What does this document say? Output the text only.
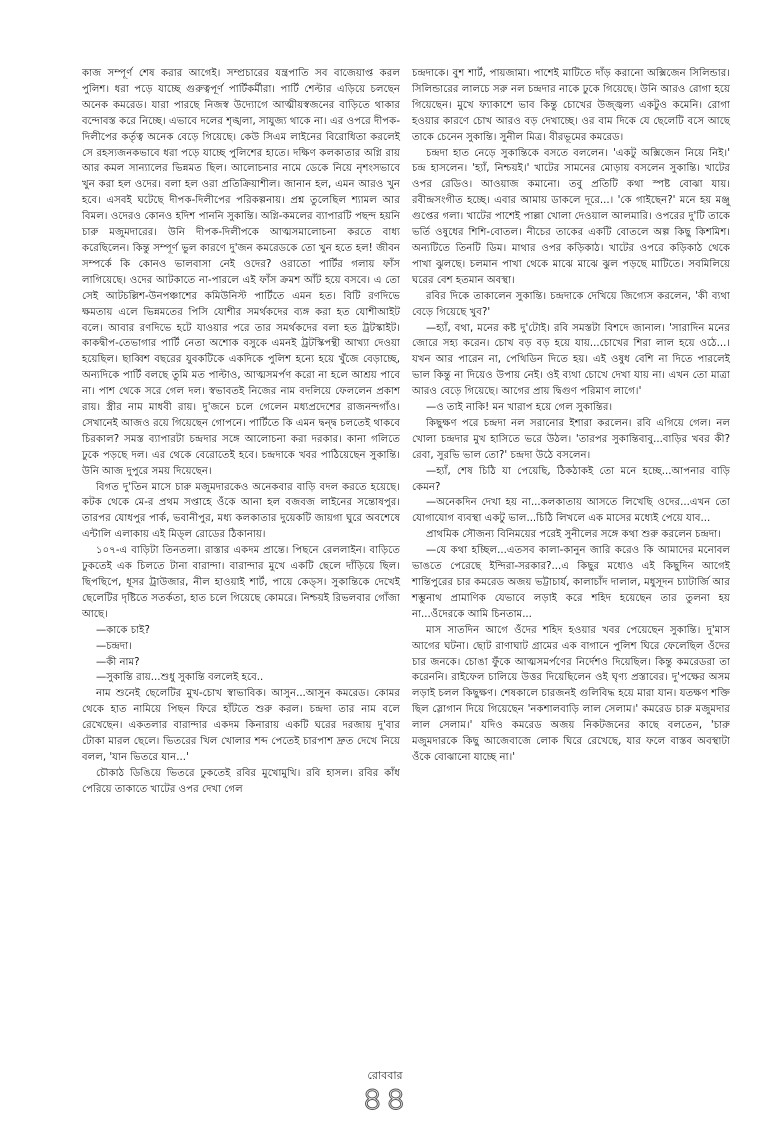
কাজ সম্পূর্ণ শেষ করার আগেই। সম্প্রচারের যন্ত্রপাতি সব বাজেয়াপ্ত করল পুলিশ। ধরা পড়ে যাচ্ছে গুরুত্বপূর্ণ পার্টিকর্মীরা। পার্টি শেল্টার এড়িয়ে চলছেন অনেক কমরেড। যারা পারছে নিজস্ব উদ্যোগে আত্মীয়স্বজনের বাড়িতে থাকার বন্দোবস্ত করে নিচ্ছে। এভাবে দলের শৃঙ্খলা, সাযুজ্য থাকে না। এর ওপরে দীপক-দিলীপের কর্তৃত্ব অনেক বেড়ে গিয়েছে। কেউ সিএম লাইনের বিরোধিতা করলেই সে রহস্যজনকভাবে ধরা পড়ে যাচ্ছে পুলিশের হাতে। দক্ষিণ কলকাতার অগ্নি রায় আর কমল সান্যালের ভিন্নমত ছিল। আলোচনার নামে ডেকে নিয়ে নৃশংসভাবে খুন করা হল ওদের। বলা হল ওরা প্রতিক্রিয়াশীল। জানান হল, এমন আরও খুন হবে। এসবই ঘটেছে দীপক-দিলীপের পরিকল্পনায়। প্রশ্ন তুলেছিল শ্যামল আর বিমল। ওদেরও কোনও হদিশ পাননি সুকান্তি। অগ্নি-কমলের ব্যাপারটি পছন্দ হয়নি চারু মজুমদারের। উনি দীপক-দিলীপকে আত্মসমালোচনা করতে বাধ্য করেছিলেন। কিন্তু সম্পূর্ণ ভুল কারণে দু'জন কমরেডকে তো খুন হতে হল! জীবন সম্পর্কে কি কোনও ভালবাসা নেই ওদের? ওরাতো পার্টির গলায় ফাঁস লাগিয়েছে। ওদের আটকাতে না-পারলে এই ফাঁস ক্রমশ আঁট হয়ে বসবে। এ তো সেই আটচল্লিশ-উনপঞ্চাশের কমিউনিস্ট পার্টিতে এমন হত। বিটি রণদিভে ক্ষমতায় এলে ভিন্নমতের পিসি যোশীর সমর্থকদের ব্যঙ্গ করা হত যোশীআইট বলে। আবার রণদিভে হটে যাওয়ার পরে তার সমর্থকদের বলা হত ট্রটস্কাইট। কাকদ্বীপ-তেভাগার পার্টি নেতা অশোক বসুকে এমনই ট্রটস্কিপন্থী আখ্যা দেওয়া হয়েছিল। ছাব্বিশ বছরের যুবকটিকে একদিকে পুলিশ হন্যে হয়ে খুঁজে বেড়াচ্ছে, অন্যদিকে পার্টি বলছে তুমি মত পাল্টাও, আত্মসমর্পণ করো না হলে আশ্রয় পাবে না। পাশ থেকে সরে গেল দল। স্বভাবতই নিজের নাম বদলিয়ে ফেললেন প্রকাশ রায়। স্ত্রীর নাম মাধবী রায়। দু'জনে চলে গেলেন মধ্যপ্রদেশের রাজনন্দগাঁও। সেখানেই আজও রয়ে গিয়েছেন গোপনে। পার্টিতে কি এমন দ্বন্দ্ব চলতেই থাকবে চিরকাল? সমস্ত ব্যাপারটা চন্দ্রদার সঙ্গে আলোচনা করা দরকার। কানা গলিতে ঢুকে পড়ছে দল। এর থেকে বেরোতেই হবে। চন্দ্রদাকে খবর পাঠিয়েছেন সুকান্তি। উনি আজ দুপুরে সময় দিয়েছেন।

বিগত দু'তিন মাসে চারু মজুমদারকেও অনেকবার বাড়ি বদল করতে হয়েছে। কটক থেকে মে-র প্রথম সপ্তাহে ওঁকে আনা হল বজবজ লাইনের সন্তোষপুর। তারপর যোধপুর পার্ক, ভবানীপুর, মধ্য কলকাতার দুয়েকটি জায়গা ঘুরে অবশেষে এন্টালি এলাকায় এই মিড্‌ল রোডের ঠিকানায়।

১০৭-এ বাড়িটা তিনতলা। রাস্তার একদম প্রান্তে। পিছনে রেললাইন। বাড়িতে ঢুকতেই এক চিলতে টানা বারান্দা। বারান্দার মুখে একটি ছেলে দাঁড়িয়ে ছিল। ছিপছিপে, ধূসর ট্রাউজার, নীল হাওয়াই শার্ট, পায়ে কেড্‌স। সুকান্তিকে দেখেই ছেলেটির দৃষ্টিতে সতর্কতা, হাত চলে গিয়েছে কোমরে। নিশ্চয়ই রিভলবার গোঁজা আছে।

—কাকে চাই?

—চন্দ্রদা।

—কী নাম?

—সুকান্তি রায়...শুধু সুকান্তি বললেই হবে..

নাম শুনেই ছেলেটির মুখ-চোখ স্বাভাবিক। আসুন...আসুন কমরেড। কোমর থেকে হাত নামিয়ে পিছন ফিরে হাঁটতে শুরু করল। চন্দ্রদা তার নাম বলে রেখেছেন। একতলার বারান্দার একদম কিনারায় একটি ঘরের দরজায় দু'বার টোকা মারল ছেলে। ভিতরের খিল খোলার শব্দ পেতেই চারপাশ দ্রুত দেখে নিয়ে বলল, 'যান ভিতরে যান...'

চৌকাঠ ডিঙিয়ে ভিতরে ঢুকতেই রবির মুখোমুখি। রবি হাসল। রবির কাঁধ পেরিয়ে তাকাতে খাটের ওপর দেখা গেল

চন্দ্রদাকে। বুশ শার্ট, পায়জামা। পাশেই মাটিতে দাঁড় করানো অক্সিজেন সিলিন্ডার। সিলিন্ডারের লালচে সরু নল চন্দ্রদার নাকে ঢুকে গিয়েছে। উনি আরও রোগা হয়ে গিয়েছেন। মুখে ফ্যাকাশে ভাব কিন্তু চোখের উজ্জ্বল্য একটুও কমেনি। রোগা হওয়ার কারণে চোখ আরও বড় দেখাচ্ছে। ওর বাম দিকে যে ছেলেটি বসে আছে তাকে চেনেন সুকান্তি। সুনীল মিত্র। বীরভূমের কমরেড।

চন্দ্রদা হাত নেড়ে সুকান্তিকে বসতে বললেন। 'একটু অক্সিজেন নিয়ে নিই।' চন্দ্র হাসলেন। 'হ্যাঁ, নিশ্চয়ই।' খাটের সামনের মোড়ায় বসলেন সুকান্তি। খাটের ওপর রেডিও। আওয়াজ কমানো। তবু প্রতিটি কথা স্পষ্ট বোঝা যায়। রবীন্দ্রসংগীত হচ্ছে। এবার আমায় ডাকলে দূরে...। 'কে গাইছেন?' মনে হয় মঞ্জু গুপ্তের গলা। খাটের পাশেই পাল্লা খোলা দেওয়াল আলমারি। ওপরের দু'টি তাকে ভর্তি ওষুধের শিশি-বোতল। নীচের তাকের একটি বোতলে অল্প কিছু কিশমিশ। অন্যটিতে তিনটি ডিম। মাথার ওপর কড়িকাঠ। খাটের ওপরে কড়িকাঠ থেকে পাখা ঝুলছে। চলমান পাখা থেকে মাঝে মাঝে ঝুল পড়ছে মাটিতে। সবমিলিয়ে ঘরের বেশ হতমান অবস্থা।

রবির দিকে তাকালেন সুকান্তি। চন্দ্রদাকে দেখিয়ে জিগ্যেস করলেন, 'কী ব্যথা বেড়ে গিয়েছে খুব?'

—হ্যাঁ, বথা, মনের কষ্ট দু'টোই। রবি সমস্তটা বিশদে জানাল। 'সারাদিন মনের জোরে সহ্য করেন। চোখ বড় বড় হয়ে যায়...চোখের শিরা লাল হয়ে ওঠে...। যখন আর পারেন না, পেথিডিন দিতে হয়। এই ওষুধ বেশি না দিতে পারলেই ভাল কিন্তু না দিয়েও উপায় নেই। ওই ব্যথা চোখে দেখা যায় না। এখন তো মাত্রা আরও বেড়ে গিয়েছে। আগের প্রায় দ্বিগুণ পরিমাণ লাগে।'

—ও তাই নাকি! মন খারাপ হয়ে গেল সুকান্তির।

কিছুক্ষণ পরে চন্দ্রদা নল সরানোর ইশারা করলেন। রবি এগিয়ে গেল। নল খোলা চন্দ্রদার মুখ হাসিতে ভরে উঠল। 'তারপর সুকান্তিবাবু...বাড়ির খবর কী? রেবা, সুরভি ভাল তো?' চন্দ্রদা উঠে বসলেন।

—হ্যাঁ, শেষ চিঠি যা পেয়েছি, ঠিকঠাকই তো মনে হচ্ছে...আপনার বাড়ি কেমন?

—অনেকদিন দেখা হয় না...কলকাতায় আসতে লিখেছি ওদের...এখন তো যোগাযোগ ব্যবস্থা একটু ভাল...চিঠি লিখলে এক মাসের মধ্যেই পেয়ে যাব...

প্রাথমিক সৌজন্য বিনিময়ের পরেই সুনীলের সঙ্গে কথা শুরু করলেন চন্দ্রদা।

—যে কথা হচ্ছিল...এতসব কালা-কানুন জারি করেও কি আমাদের মনোবল ভাঙতে পেরেছে ইন্দিরা-সরকার?...এ কিছুর মধ্যেও এই কিছুদিন আগেই শান্তিপুরের চার কমরেড অজয় ভট্টাচার্য, কালাচাঁদ দালাল, মধুসূদন চ্যাটার্জি আর শম্ভুনাথ প্রামাণিক যেভাবে লড়াই করে শহিদ হয়েছেন তার তুলনা হয় না...ওঁদেরকে আমি চিনতাম...

মাস সাতদিন আগে ওঁদের শহিদ হওয়ার খবর পেয়েছেন সুকান্তি। দু'মাস আগের ঘটনা। ছোট রাণাঘাট গ্রামের এক বাগানে পুলিশ ঘিরে ফেলেছিল ওঁদের চার জনকে। চোঙা ফুঁকে আত্মসমর্পণের নির্দেশও দিয়েছিল। কিন্তু কমরেডরা তা করেননি। রাইফেল চালিয়ে উত্তর দিয়েছিলেন ওই ঘৃণ্য প্রস্তাবের। দু'পক্ষের অসম লড়াই চলল কিছুক্ষণ। শেষকালে চারজনই গুলিবিদ্ধ হয়ে মারা যান। যতক্ষণ শক্তি ছিল স্লোগান দিয়ে গিয়েছেন 'নকশালবাড়ি লাল সেলাম।' কমরেড চারু মজুমদার লাল সেলাম।' যদিও কমরেড অজয় নিকটজনের কাছে বলতেন, 'চারু মজুমদারকে কিছু আজেবাজে লোক ঘিরে রেখেছে, যার ফলে বাস্তব অবস্থাটা ওঁকে বোঝানো যাচ্ছে না।'

রোববার
৪৪
